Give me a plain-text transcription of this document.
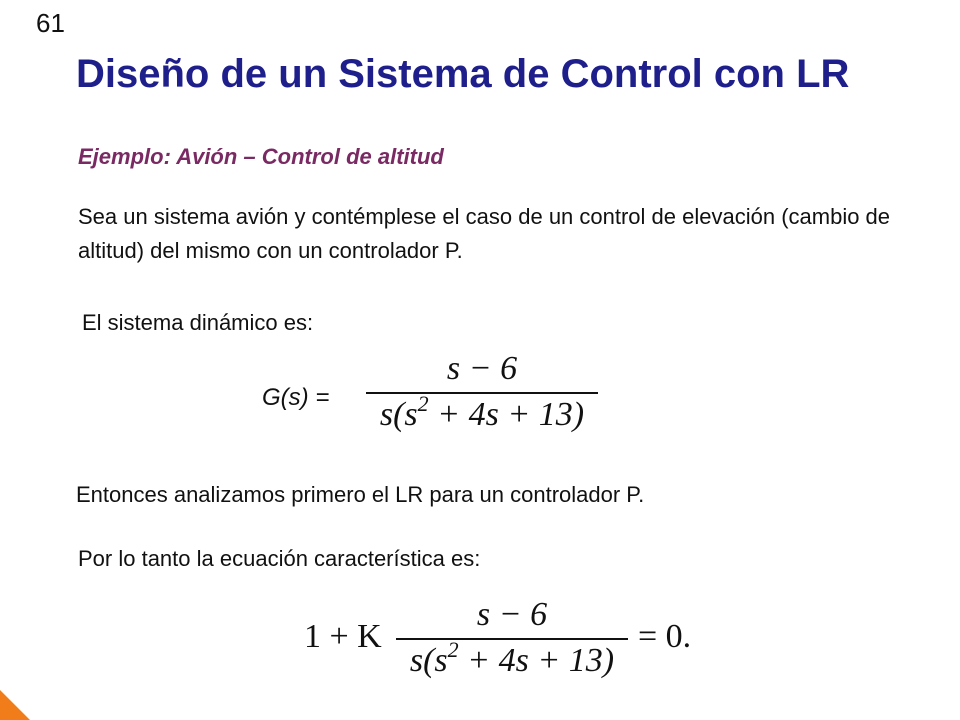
61
Diseño de un Sistema de Control con LR
Ejemplo: Avión – Control de altitud
Sea un sistema avión y contémplese el caso de un control de elevación (cambio de altitud) del mismo con un controlador P.
El sistema dinámico es:
G(s) =
s − 6
$s(s^2 + 4s + 13)$
Entonces analizamos primero el LR para un controlador P.
Por lo tanto la ecuación característica es:
1 + K
s − 6
$s(s^2 + 4s + 13)$
= 0.
